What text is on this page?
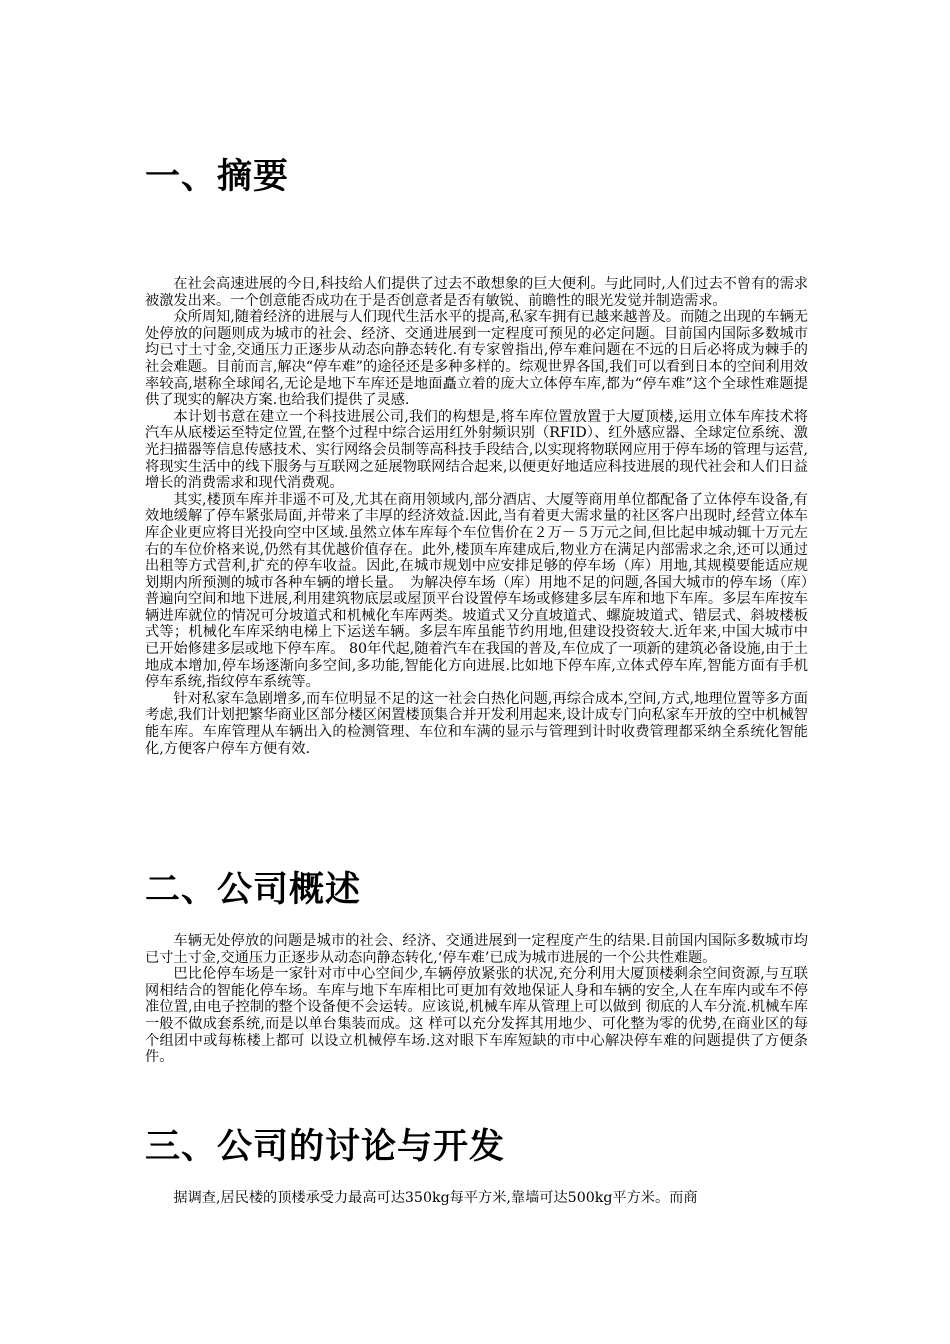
一、摘要

在社会高速进展的今日,科技给人们提供了过去不敢想象的巨大便利。与此同时,人们过去不曾有的需求被激发出来。一个创意能否成功在于是否创意者是否有敏锐、前瞻性的眼光发觉并制造需求。

众所周知,随着经济的进展与人们现代生活水平的提高,私家车拥有已越来越普及。而随之出现的车辆无处停放的问题则成为城市的社会、经济、交通进展到一定程度可预见的必定问题。目前国内国际多数城市均已寸土寸金,交通压力正逐步从动态向静态转化.有专家曾指出,停车难问题在不远的日后必将成为棘手的社会难题。目前而言,解决“停车难”的途径还是多种多样的。综观世界各国,我们可以看到日本的空间利用效率较高,堪称全球闻名,无论是地下车库还是地面矗立着的庞大立体停车库,都为“停车难”这个全球性难题提供了现实的解决方案.也给我们提供了灵感.

本计划书意在建立一个科技进展公司,我们的构想是,将车库位置放置于大厦顶楼,运用立体车库技术将汽车从底楼运至特定位置,在整个过程中综合运用红外射频识别（RFID）、红外感应器、全球定位系统、激光扫描器等信息传感技术、实行网络会员制等高科技手段结合,以实现将物联网应用于停车场的管理与运营,将现实生活中的线下服务与互联网之延展物联网结合起来,以便更好地适应科技进展的现代社会和人们日益增长的消费需求和现代消费观。

其实,楼顶车库并非遥不可及,尤其在商用领域内,部分酒店、大厦等商用单位都配备了立体停车设备,有效地缓解了停车紧张局面,并带来了丰厚的经济效益.因此,当有着更大需求量的社区客户出现时,经营立体车库企业更应将目光投向空中区域.虽然立体车库每个车位售价在２万－５万元之间,但比起申城动辄十万元左右的车位价格来说,仍然有其优越价值存在。此外,楼顶车库建成后,物业方在满足内部需求之余,还可以通过出租等方式营利,扩充的停车收益。因此,在城市规划中应安排足够的停车场（库）用地,其规模要能适应规划期内所预测的城市各种车辆的增长量。　为解决停车场（库）用地不足的问题,各国大城市的停车场（库）普遍向空间和地下进展,利用建筑物底层或屋顶平台设置停车场或修建多层车库和地下车库。多层车库按车辆进库就位的情况可分坡道式和机械化车库两类。坡道式又分直坡道式、螺旋坡道式、错层式、斜坡楼板式等；机械化车库采纳电梯上下运送车辆。多层车库虽能节约用地,但建设投资较大.近年来,中国大城市中已开始修建多层或地下停车库。 80年代起,随着汽车在我国的普及,车位成了一项新的建筑必备设施,由于土地成本增加,停车场逐渐向多空间,多功能,智能化方向进展.比如地下停车库,立体式停车库,智能方面有手机停车系统,指纹停车系统等。

针对私家车急剧增多,而车位明显不足的这一社会白热化问题,再综合成本,空间,方式,地理位置等多方面考虑,我们计划把繁华商业区部分楼区闲置楼顶集合并开发利用起来,设计成专门向私家车开放的空中机械智能车库。车库管理从车辆出入的检测管理、车位和车满的显示与管理到计时收费管理都采纳全系统化智能化,方便客户停车方便有效.

二、公司概述

车辆无处停放的问题是城市的社会、经济、交通进展到一定程度产生的结果.目前国内国际多数城市均已寸土寸金,交通压力正逐步从动态向静态转化,‘停车难’已成为城市进展的一个公共性难题。

巴比伦停车场是一家针对市中心空间少,车辆停放紧张的状况,充分利用大厦顶楼剩余空间资源,与互联网相结合的智能化停车场。车库与地下车库相比可更加有效地保证人身和车辆的安全,人在车库内或车不停准位置,由电子控制的整个设备便不会运转。应该说,机械车库从管理上可以做到 彻底的人车分流.机械车库一般不做成套系统,而是以单台集装而成。这 样可以充分发挥其用地少、可化整为零的优势,在商业区的每个组团中或每栋楼上都可 以设立机械停车场.这对眼下车库短缺的市中心解决停车难的问题提供了方便条件。

三、公司的讨论与开发

据调查,居民楼的顶楼承受力最高可达350kg每平方米,靠墙可达500kg平方米。而商
